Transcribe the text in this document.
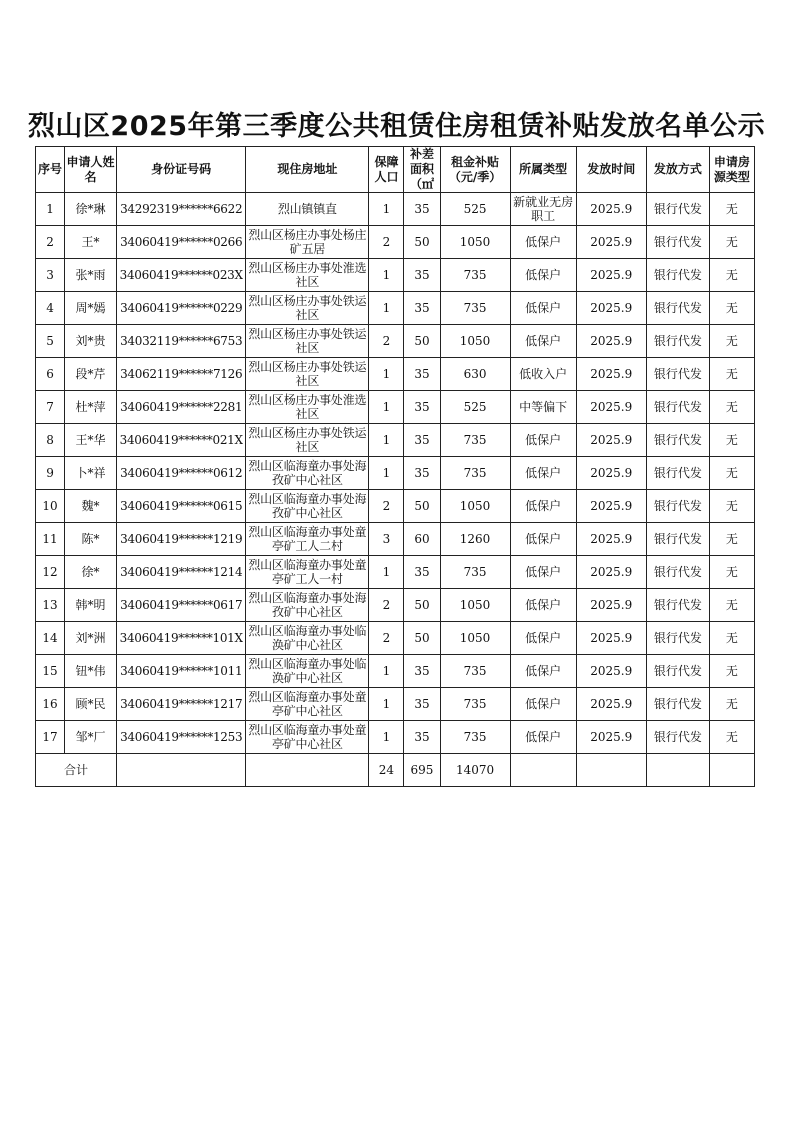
烈山区2025年第三季度公共租赁住房租赁补贴发放名单公示
序号	申请人姓名	身份证号码	现住房地址	保障人口	补差面积（㎡	租金补贴（元/季）	所属类型	发放时间	发放方式	申请房源类型
1	徐*琳	34292319******6622	烈山镇镇直	1	35	525	新就业无房职工	2025.9	银行代发	无
2	王*	34060419******0266	烈山区杨庄办事处杨庄矿五居	2	50	1050	低保户	2025.9	银行代发	无
3	张*雨	34060419******023X	烈山区杨庄办事处淮选社区	1	35	735	低保户	2025.9	银行代发	无
4	周*嫣	34060419******0229	烈山区杨庄办事处铁运社区	1	35	735	低保户	2025.9	银行代发	无
5	刘*贵	34032119******6753	烈山区杨庄办事处铁运社区	2	50	1050	低保户	2025.9	银行代发	无
6	段*芹	34062119******7126	烈山区杨庄办事处铁运社区	1	35	630	低收入户	2025.9	银行代发	无
7	杜*萍	34060419******2281	烈山区杨庄办事处淮选社区	1	35	525	中等偏下	2025.9	银行代发	无
8	王*华	34060419******021X	烈山区杨庄办事处铁运社区	1	35	735	低保户	2025.9	银行代发	无
9	卜*祥	34060419******0612	烈山区临海童办事处海孜矿中心社区	1	35	735	低保户	2025.9	银行代发	无
10	魏*	34060419******0615	烈山区临海童办事处海孜矿中心社区	2	50	1050	低保户	2025.9	银行代发	无
11	陈*	34060419******1219	烈山区临海童办事处童亭矿工人二村	3	60	1260	低保户	2025.9	银行代发	无
12	徐*	34060419******1214	烈山区临海童办事处童亭矿工人一村	1	35	735	低保户	2025.9	银行代发	无
13	韩*明	34060419******0617	烈山区临海童办事处海孜矿中心社区	2	50	1050	低保户	2025.9	银行代发	无
14	刘*洲	34060419******101X	烈山区临海童办事处临涣矿中心社区	2	50	1050	低保户	2025.9	银行代发	无
15	钮*伟	34060419******1011	烈山区临海童办事处临涣矿中心社区	1	35	735	低保户	2025.9	银行代发	无
16	顾*民	34060419******1217	烈山区临海童办事处童亭矿中心社区	1	35	735	低保户	2025.9	银行代发	无
17	邹*厂	34060419******1253	烈山区临海童办事处童亭矿中心社区	1	35	735	低保户	2025.9	银行代发	无
合计				24	695	14070				
